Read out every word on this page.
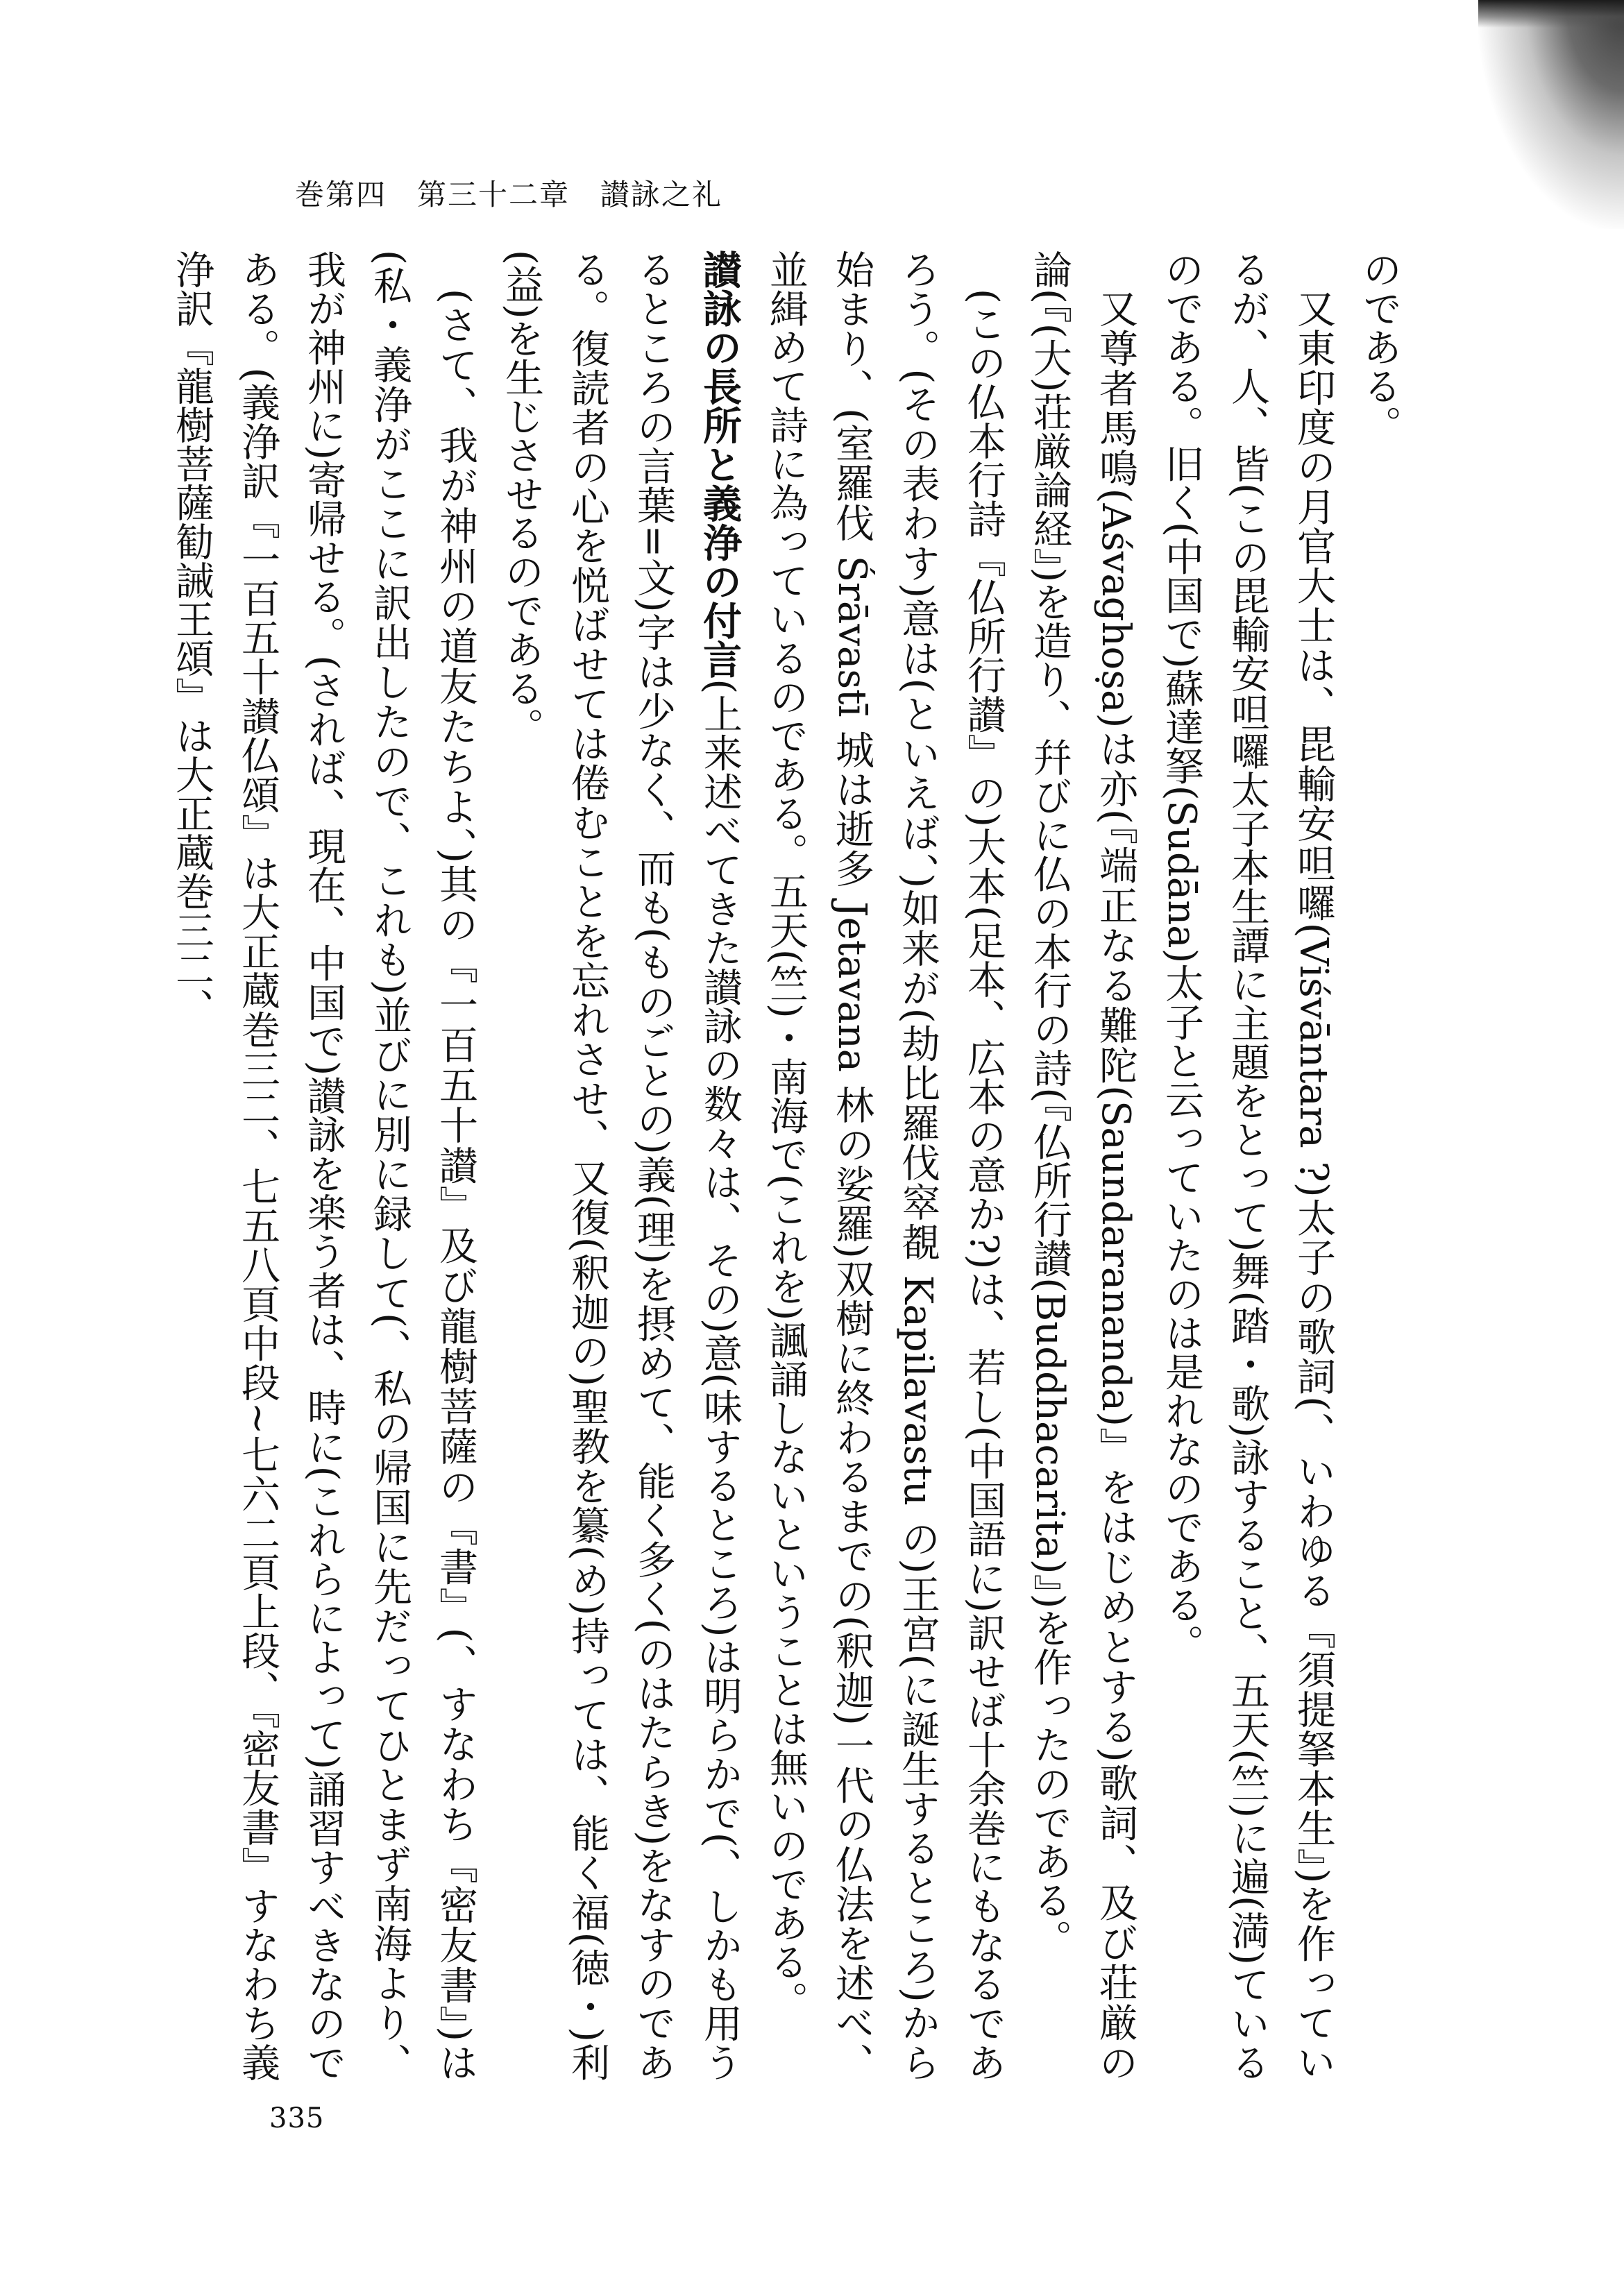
巻第四　第三十二章　讃詠之礼

のである。

又東印度の月官大士は、毘輸安呾囉(Viśvāntara ?)太子の歌詞(、いわゆる『須提拏本生』)を作っているが、人、皆(この毘輸安呾囉太子本生譚に主題をとって)舞(踏・歌)詠すること、五天(竺)に遍(満)ているのである。旧く(中国で)蘇達拏(Sudāna)太子と云っていたのは是れなのである。

又尊者馬鳴(Aśvaghoṣa)は亦(『端正なる難陀(Saundarananda)』をはじめとする)歌詞、及び荘厳の論(『(大)荘厳論経』)を造り、幷びに仏の本行の詩(『仏所行讃(Buddhacarita)』)を作ったのである。

(この仏本行詩『仏所行讃』の)大本(足本、広本の意か?)は、若し(中国語に)訳せば十余巻にもなるであろう。(その表わす)意は(といえば、)如来が(劫比羅伐窣覩 Kapilavastu の)王宮(に誕生するところ)から始まり、(室羅伐 Śrāvastī 城は逝多 Jetavana 林の娑羅)双樹に終わるまでの(釈迦)一代の仏法を述べ、並緝めて詩に為っているのである。五天(竺)・南海で(これを)諷誦しないということは無いのである。

讃詠の長所と義浄の付言(上来述べてきた讃詠の数々は、その)意(味するところ)は明らかで(、しかも用うるところの言葉=文)字は少なく、而も(ものごとの)義(理)を摂めて、能く多く(のはたらき)をなすのである。復読者の心を悦ばせては倦むことを忘れさせ、又復(釈迦の)聖教を纂(め)持っては、能く福(徳・)利(益)を生じさせるのである。

(さて、我が神州の道友たちよ、)其の『一百五十讃』及び龍樹菩薩の『書』(、すなわち『密友書』)は(私・義浄がここに訳出したので、これも)並びに別に録して(、私の帰国に先だってひとまず南海より、我が神州に)寄帰せる。(されば、現在、中国で)讃詠を楽う者は、時に(これらによって)誦習すべきなのである。(義浄訳『一百五十讃仏頌』は大正蔵巻三二、七五八頁中段~七六二頁上段、『密友書』すなわち義浄訳『龍樹菩薩勧誡王頌』は大正蔵巻三二、

335
